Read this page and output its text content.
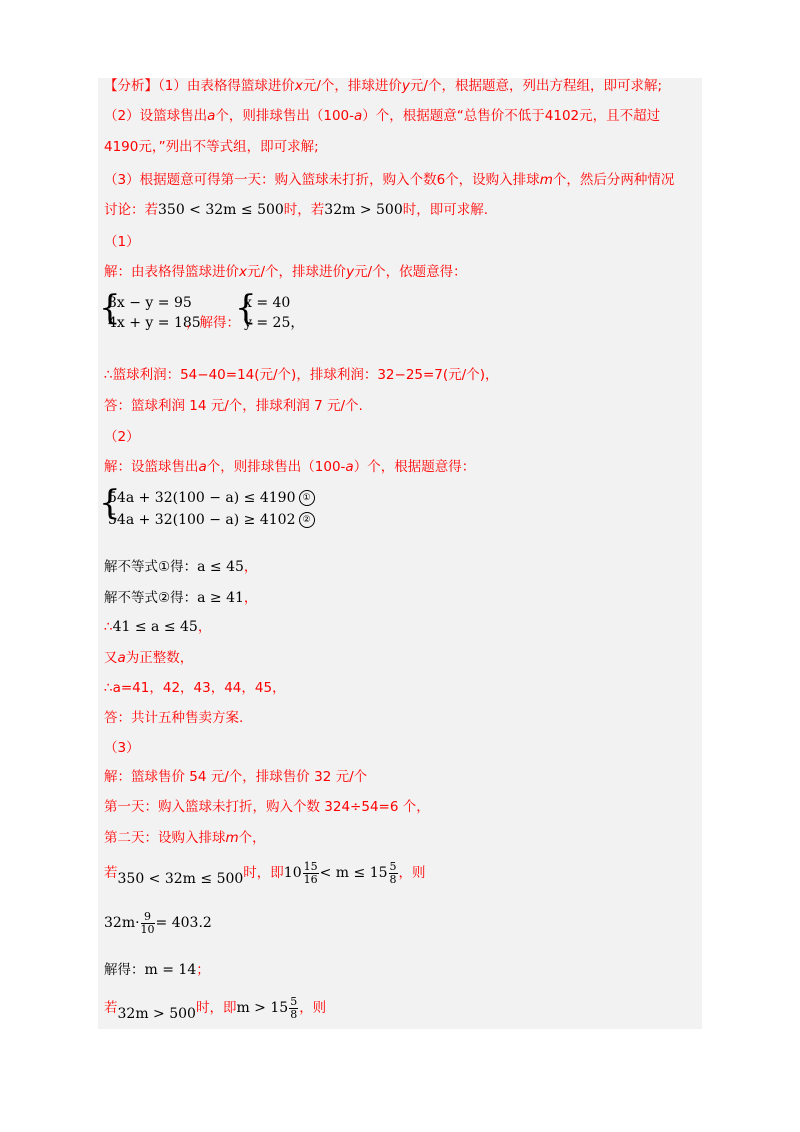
【分析】（1）由表格得篮球进价x元/个，排球进价y元/个，根据题意，列出方程组，即可求解;
（2）设篮球售出a个，则排球售出（100-a）个，根据题意“总售价不低于4102元，且不超过
4190元，”列出不等式组，即可求解;
（3）根据题意可得第一天：购入篮球未打折，购入个数6个，设购入排球m个，然后分两种情况
讨论：若350 < 32m ≤ 500时，若32m > 500时，即可求解.
（1）
解：由表格得篮球进价x元/个，排球进价y元/个，依题意得：
{
3x − y = 95
4x + y = 185
，解得：
{
x = 40
y = 25，
∴篮球利润：54−40=14(元/个)，排球利润：32−25=7(元/个)，
答：篮球利润 14 元/个，排球利润 7 元/个.
（2）
解：设篮球售出a个，则排球售出（100-a）个，根据题意得：
{
54a + 32(100 − a) ≤ 4190 ①
54a + 32(100 − a) ≥ 4102 ②
解不等式①得：a ≤ 45，
解不等式②得：a ≥ 41，
∴41 ≤ a ≤ 45，
又a为正整数，
∴a=41，42，43，44，45，
答：共计五种售卖方案.
（3）
解：篮球售价 54 元/个，排球售价 32 元/个
第一天：购入篮球未打折，购入个数 324÷54=6 个，
第二天：设购入排球m个，
若350 < 32m ≤ 500时，即$10 \frac{15}{16} < m \le 15 \frac{5}{8}$ ，则
$32m\cdot \frac{9}{10} = 403.2$
解得：m = 14；
若32m > 500时，即$m > 15 \frac{5}{8}$ ，则
